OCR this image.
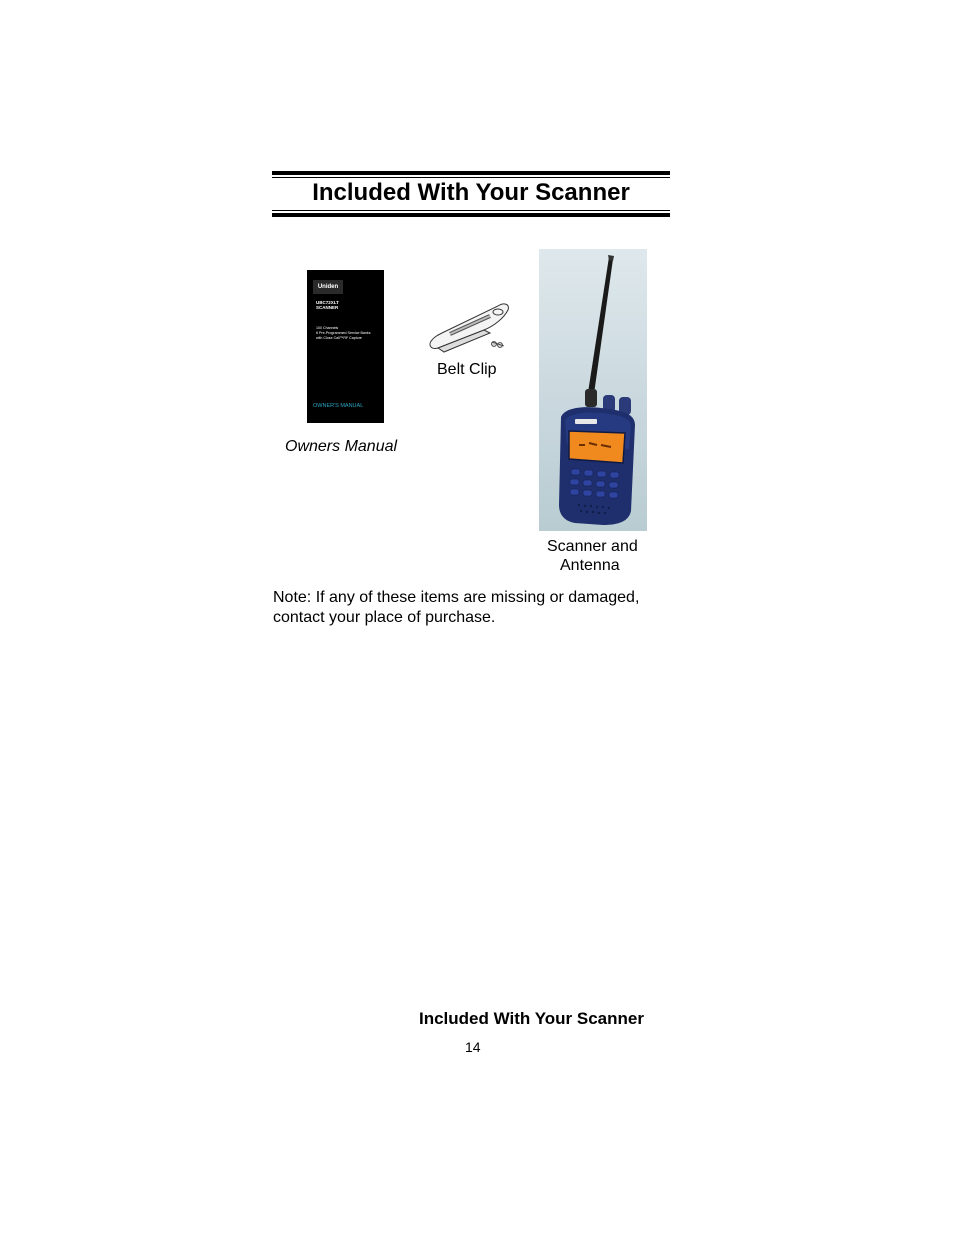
Included With Your Scanner
Uniden
UBC72XLT
SCANNER
100 Channels
6 Pre-Programmed Service Banks
with Close Call™RF Capture
OWNER'S MANUAL
Owners Manual
Belt Clip
Scanner and
Antenna
Note: If any of these items are missing or damaged,
contact your place of purchase.
Included With Your Scanner
14
